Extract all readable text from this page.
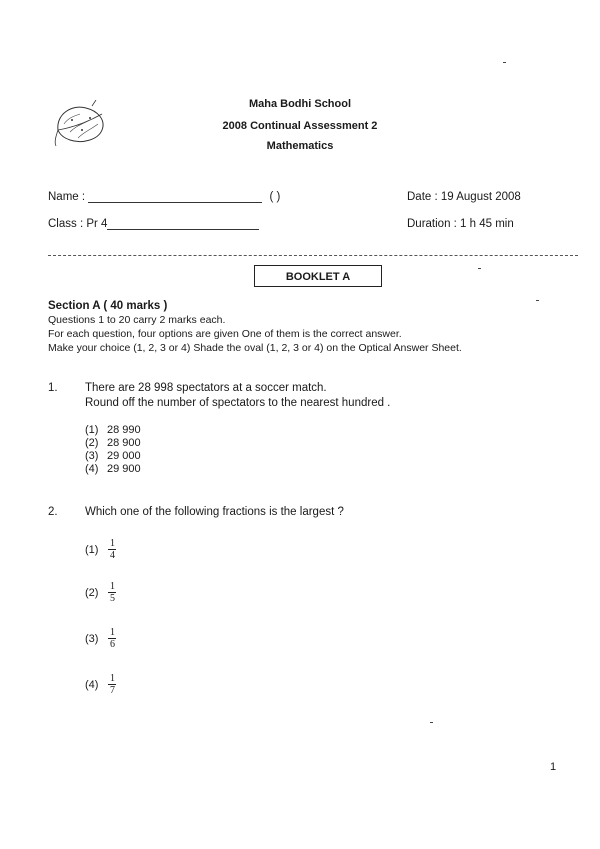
Maha Bodhi School
2008 Continual Assessment 2
Mathematics
Name :	( )	Date : 19 August 2008
Class : Pr 4	Duration : 1 h 45 min
BOOKLET A
Section A ( 40 marks )
Questions 1 to 20 carry 2 marks each.
For each question, four options are given One of them is the correct answer.
Make your choice (1, 2, 3 or 4) Shade the oval (1, 2, 3 or 4) on the Optical Answer Sheet.
1. There are 28 998 spectators at a soccer match.
Round off the number of spectators to the nearest hundred .
(1) 28 990
(2) 28 900
(3) 29 000
(4) 29 900
2. Which one of the following fractions is the largest ?
$(1) \frac{1}{4}$
$(2) \frac{1}{5}$
$(3) \frac{1}{6}$
$(4) \frac{1}{7}$
1
